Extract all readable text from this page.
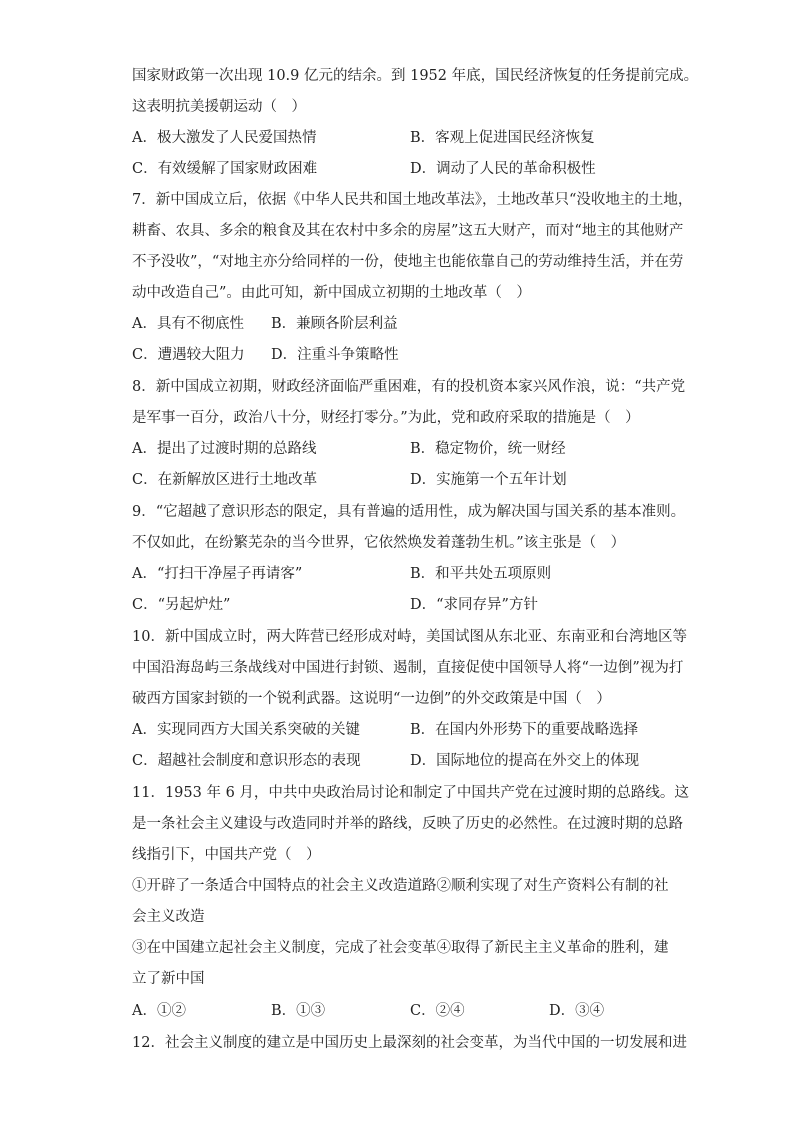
国家财政第一次出现 10.9 亿元的结余。到 1952 年底，国民经济恢复的任务提前完成。
这表明抗美援朝运动（　）
A．极大激发了人民爱国热情	B．客观上促进国民经济恢复
C．有效缓解了国家财政困难	D．调动了人民的革命积极性
7．新中国成立后，依据《中华人民共和国土地改革法》，土地改革只“没收地主的土地，
耕畜、农具、多余的粮食及其在农村中多余的房屋”这五大财产，而对“地主的其他财产
不予没收”，“对地主亦分给同样的一份，使地主也能依靠自己的劳动维持生活，并在劳
动中改造自己”。由此可知，新中国成立初期的土地改革（　）
A．具有不彻底性 B．兼顾各阶层利益
C．遭遇较大阻力 D．注重斗争策略性
8．新中国成立初期，财政经济面临严重困难，有的投机资本家兴风作浪，说：“共产党
是军事一百分，政治八十分，财经打零分。”为此，党和政府采取的措施是（　）
A．提出了过渡时期的总路线	B．稳定物价，统一财经
C．在新解放区进行土地改革	D．实施第一个五年计划
9．“它超越了意识形态的限定，具有普遍的适用性，成为解决国与国关系的基本准则。
不仅如此，在纷繁芜杂的当今世界，它依然焕发着蓬勃生机。”该主张是（　）
A．“打扫干净屋子再请客”	B．和平共处五项原则
C．“另起炉灶”	D．“求同存异”方针
10．新中国成立时，两大阵营已经形成对峙，美国试图从东北亚、东南亚和台湾地区等
中国沿海岛屿三条战线对中国进行封锁、遏制，直接促使中国领导人将“一边倒”视为打
破西方国家封锁的一个锐利武器。这说明“一边倒”的外交政策是中国（　）
A．实现同西方大国关系突破的关键	B．在国内外形势下的重要战略选择
C．超越社会制度和意识形态的表现	D．国际地位的提高在外交上的体现
11．1953 年 6 月，中共中央政治局讨论和制定了中国共产党在过渡时期的总路线。这
是一条社会主义建设与改造同时并举的路线，反映了历史的必然性。在过渡时期的总路
线指引下，中国共产党（　）
①开辟了一条适合中国特点的社会主义改造道路②顺利实现了对生产资料公有制的社
会主义改造
③在中国建立起社会主义制度，完成了社会变革④取得了新民主主义革命的胜利，建
立了新中国
A．①②	B．①③	C．②④	D．③④
12．社会主义制度的建立是中国历史上最深刻的社会变革，为当代中国的一切发展和进
